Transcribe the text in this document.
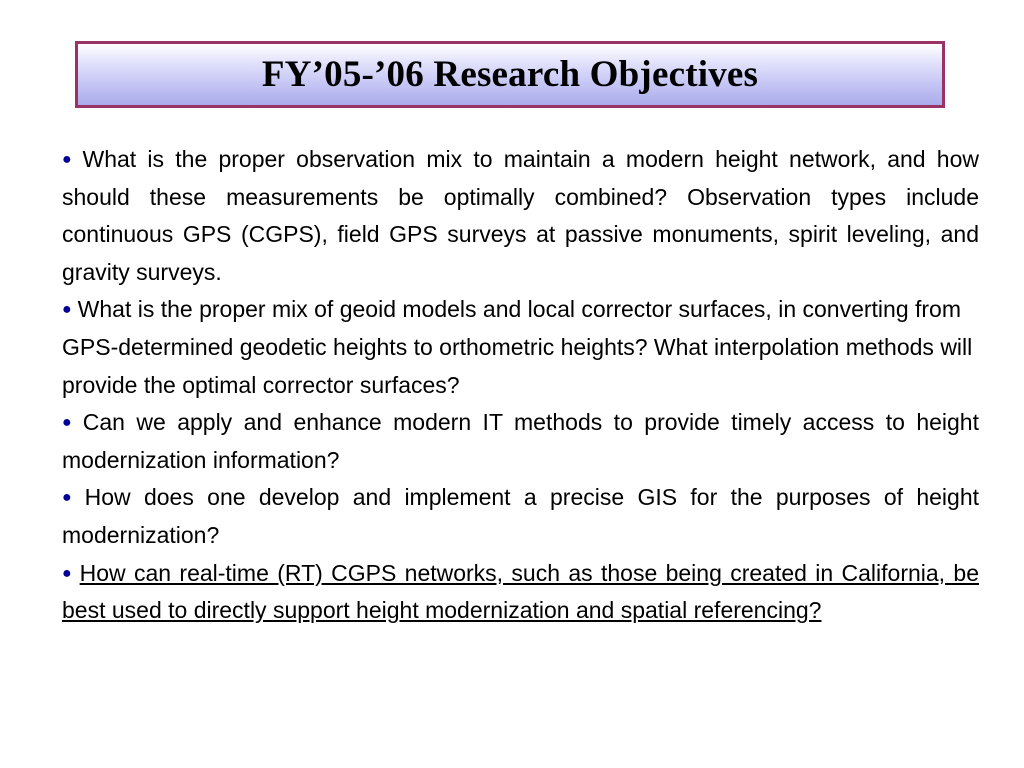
FY’05-’06 Research Objectives

● What is the proper observation mix to maintain a modern height network, and how should these measurements be optimally combined? Observation types include continuous GPS (CGPS), field GPS surveys at passive monuments, spirit leveling, and gravity surveys.

● What is the proper mix of geoid models and local corrector surfaces, in converting from GPS-determined geodetic heights to orthometric heights? What interpolation methods will provide the optimal corrector surfaces?

● Can we apply and enhance modern IT methods to provide timely access to height modernization information?

● How does one develop and implement a precise GIS for the purposes of height modernization?

● How can real-time (RT) CGPS networks, such as those being created in California, be best used to directly support height modernization and spatial referencing?
